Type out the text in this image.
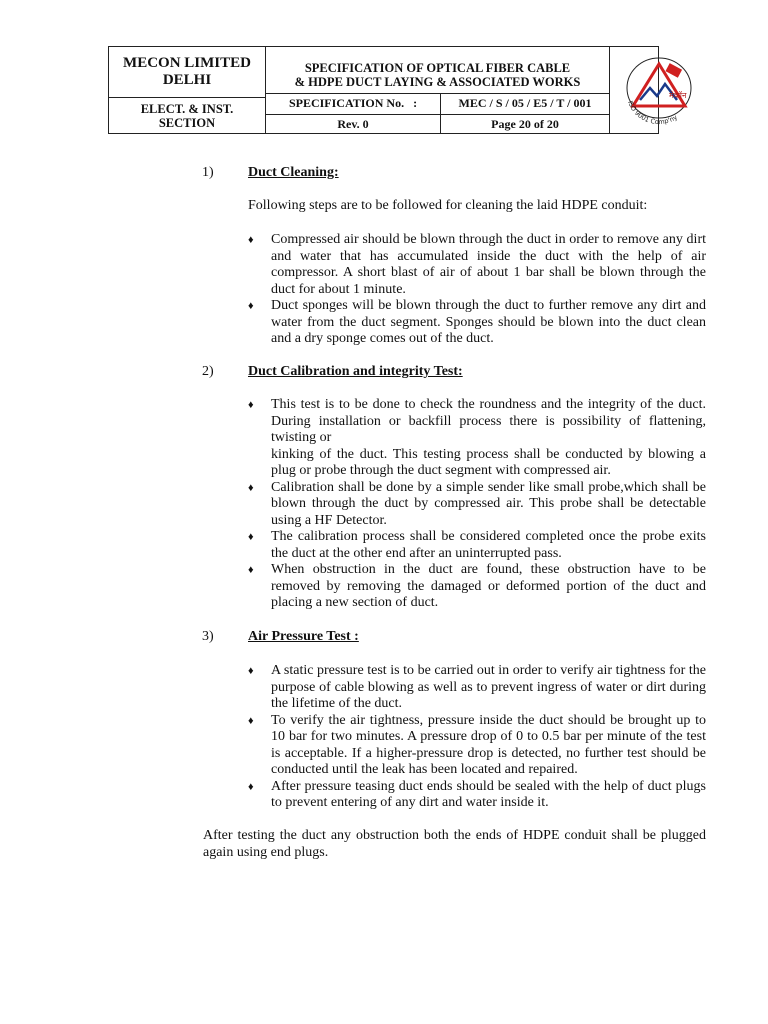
MECON LIMITED
DELHI
ELECT. & INST.
SECTION
SPECIFICATION OF OPTICAL FIBER CABLE
& HDPE DUCT LAYING & ASSOCIATED WORKS
SPECIFICATION No.   :	MEC / S / 05 / E5 / T / 001
Rev. 0	Page 20 of 20
मेकॉन
ISO 9001 Comp'ny
1) Duct Cleaning:
Following steps are to be followed for cleaning the laid HDPE conduit:
♦ Compressed air should be blown through the duct in order to remove any dirt and water that has accumulated inside the duct with the help of air compressor. A short blast of air of about 1 bar shall be blown through the duct for about 1 minute.
♦ Duct sponges will be blown through the duct to further remove any dirt and water from the duct segment. Sponges should be blown into the duct clean and a dry sponge comes out of the duct.
2) Duct Calibration and integrity Test:
♦ This test is to be done to check the roundness and the integrity of the duct. During installation or backfill process there is possibility of flattening, twisting or
kinking of the duct. This testing process shall be conducted by blowing a plug or probe through the duct segment with compressed air.
♦ Calibration shall be done by a simple sender like small probe,which shall be blown through the duct by compressed air. This probe shall be detectable using a HF Detector.
♦ The calibration process shall be considered completed once the probe exits the duct at the other end after an uninterrupted pass.
♦ When obstruction in the duct are found, these obstruction have to be removed by removing the damaged or deformed portion of the duct and placing a new section of duct.
3) Air Pressure Test :
♦ A static pressure test is to be carried out in order to verify air tightness for the purpose of cable blowing as well as to prevent ingress of water or dirt during the lifetime of the duct.
♦ To verify the air tightness, pressure inside the duct should be brought up to 10 bar for two minutes. A pressure drop of 0 to 0.5 bar per minute of the test is acceptable. If a higher-pressure drop is detected, no further test should be conducted until the leak has been located and repaired.
♦ After pressure teasing duct ends should be sealed with the help of duct plugs to prevent entering of any dirt and water inside it.
After testing the duct any obstruction both the ends of HDPE conduit shall be plugged again using end plugs.
